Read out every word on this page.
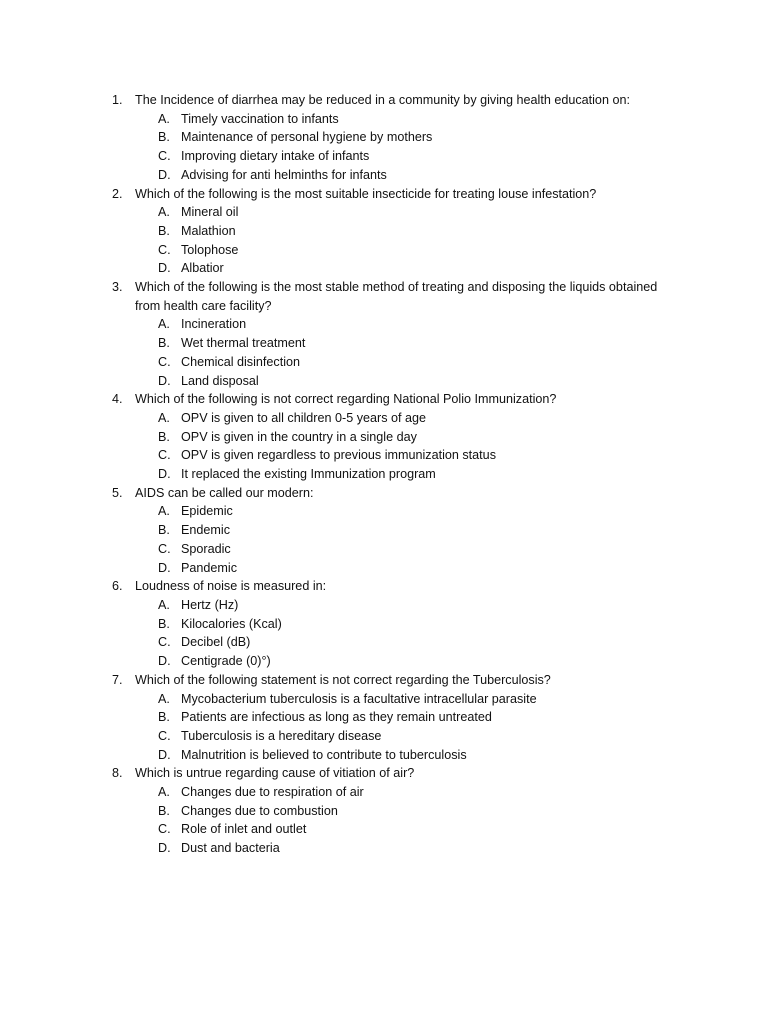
1. The Incidence of diarrhea may be reduced in a community by giving health education on:
A. Timely vaccination to infants
B. Maintenance of personal hygiene by mothers
C. Improving dietary intake of infants
D. Advising for anti helminths for infants
2. Which of the following is the most suitable insecticide for treating louse infestation?
A. Mineral oil
B. Malathion
C. Tolophose
D. Albatior
3. Which of the following is the most stable method of treating and disposing the liquids obtained from health care facility?
A. Incineration
B. Wet thermal treatment
C. Chemical disinfection
D. Land disposal
4. Which of the following is not correct regarding National Polio Immunization?
A. OPV is given to all children 0-5 years of age
B. OPV is given in the country in a single day
C. OPV is given regardless to previous immunization status
D. It replaced the existing Immunization program
5. AIDS can be called our modern:
A. Epidemic
B. Endemic
C. Sporadic
D. Pandemic
6. Loudness of noise is measured in:
A. Hertz (Hz)
B. Kilocalories (Kcal)
C. Decibel (dB)
D. Centigrade (0)°)
7. Which of the following statement is not correct regarding the Tuberculosis?
A. Mycobacterium tuberculosis is a facultative intracellular parasite
B. Patients are infectious as long as they remain untreated
C. Tuberculosis is a hereditary disease
D. Malnutrition is believed to contribute to tuberculosis
8. Which is untrue regarding cause of vitiation of air?
A. Changes due to respiration of air
B. Changes due to combustion
C. Role of inlet and outlet
D. Dust and bacteria
